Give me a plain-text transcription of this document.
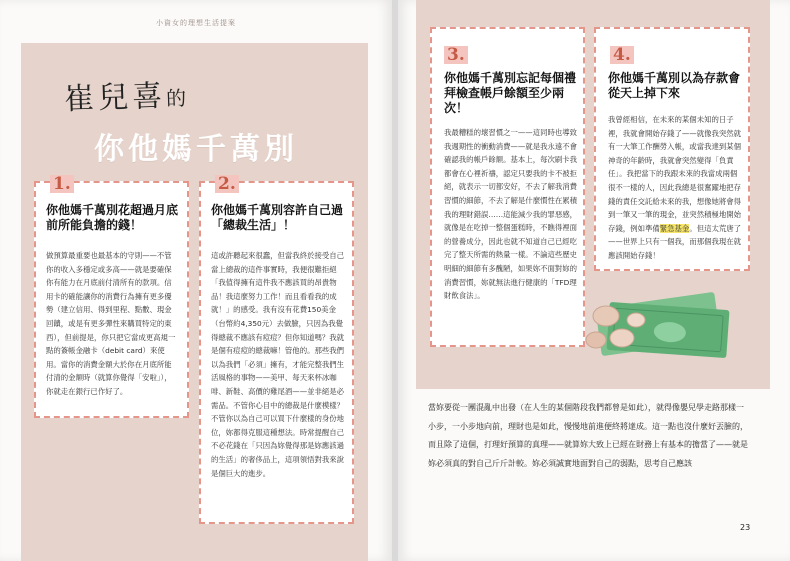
小資女的理想生活提案
崔兒喜的
你他媽千萬別
1.
你他媽千萬別花超過月底前所能負擔的錢！

做預算最重要也最基本的守則——不管你的收入多穩定或多高——就是要確保你有能力在月底前付清所有的款項。信用卡的確能讓你的消費行為擁有更多優勢（建立信用、得到里程、點數、現金回饋，或是有更多彈性來購買特定的東西），但前提是，你只把它當成更高規一點的簽帳金融卡（debit card）來使用。當你的消費金額大於你在月底所能付清的金額時（就算你覺得「安啦」），你就走在銀行已作好了。

2.
你他媽千萬別容許自己過「總裁生活」！

這或許聽起來很蠢，但當我終於接受自己當上總裁的這件事實時，我便很難拒絕「我值得擁有這件我不應該買的昂貴物品！我這麼努力工作！而且看看我的成就！」的感受。我有沒有花費150美金（台幣約4,350元）去做臉，只因為我覺得總裁不應該有痘痘？但你知道嗎？我就是個有痘痘的總裁嘛！管他的。那些我們以為我們「必須」擁有，才能完整我們生活風格的事物——美甲、每天來杯冰咖啡、新鞋、高價的雞尾酒——並非絕是必需品。不管你心目中的總裁是什麼模樣？不管你以為自己可以買下什麼樣的身份地位，妳都得克服這種想法。時常提醒自己不必花錢在「只因為妳覺得那是妳應該過的生活」的奢侈品上，這項領悟對我來說是個巨大的進步。

3.
你他媽千萬別忘記每個禮拜檢查帳戶餘額至少兩次！

我最糟糕的壞習慣之一——這同時也導致我週期性的衝動消費——就是我永遠不會確認我的帳戶餘額。基本上，每次刷卡我都會在心裡祈禱，認定只要我的卡不被拒絕，就表示一切都安好，不去了解我消費習慣的細節，不去了解是什麼慣性在累積我的理財錯誤……這能減少我的罪惡感，就像是在吃掉一整個蛋糕時，不瞧得裡面的營養成分，因此也就不知道自己已經吃完了整天所需的熱量一樣。不論這些歷史明細的細節有多醜陋，如果妳不面對妳的消費習慣，妳就無法進行健康的「TFD理財飲食法」。

4.
你他媽千萬別以為存款會從天上掉下來

我曾經相信，在未來的某個未知的日子裡，我就會開始存錢了——就像我突然就有一大筆工作酬勞入帳，或當我達到某個神奇的年齡時，我就會突然變得「負責任」。我把當下的我跟未來的我當成兩個很不一樣的人，因此我總是很奮躍地把存錢的責任交託給未來的我，想像她將會得到一筆又一筆的現金，並突然積極地開始存錢，例如準備緊急基金。但這太荒唐了——世界上只有一個我，而那個我現在就應該開始存錢！

當妳要從一團混亂中出發（在人生的某個階段我們都曾是如此），就得像嬰兒學走路那樣一小步，一小步地向前，理財也是如此，慢慢地前進便終將達成。這一點也沒什麼好丟臉的，而且除了這個，打理好預算的真理——就算妳大致上已經在財務上有基本的擔當了——就是妳必須真的對自己斤斤計較。妳必須誠實地面對自己的弱點，思考自己應該

23
